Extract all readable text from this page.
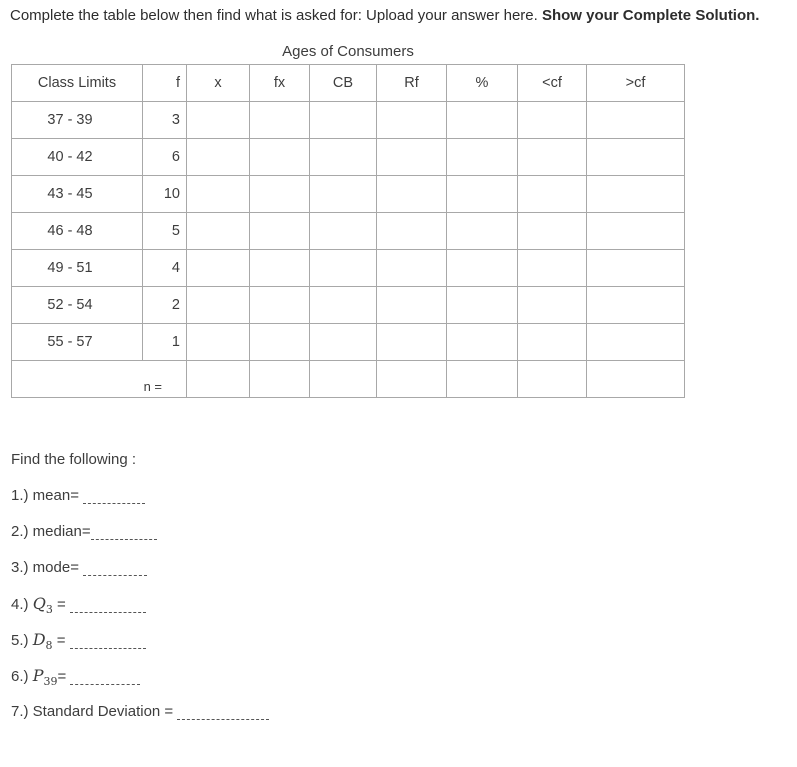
Complete the table below then find what is asked for: Upload your answer here. Show your Complete Solution.
Ages of Consumers
Class Limits	f	x	fx	CB	Rf	%	<cf	>cf
37 - 39	3							
40 - 42	6							
43 - 45	10							
46 - 48	5							
49 - 51	4							
52 - 54	2							
55 - 57	1							
n =								
Find the following :
1.) mean=
2.) median=
3.) mode=
4.) $Q_3$ =
5.) $D_8$ =
6.) $P_{39}=$
7.) Standard Deviation =
